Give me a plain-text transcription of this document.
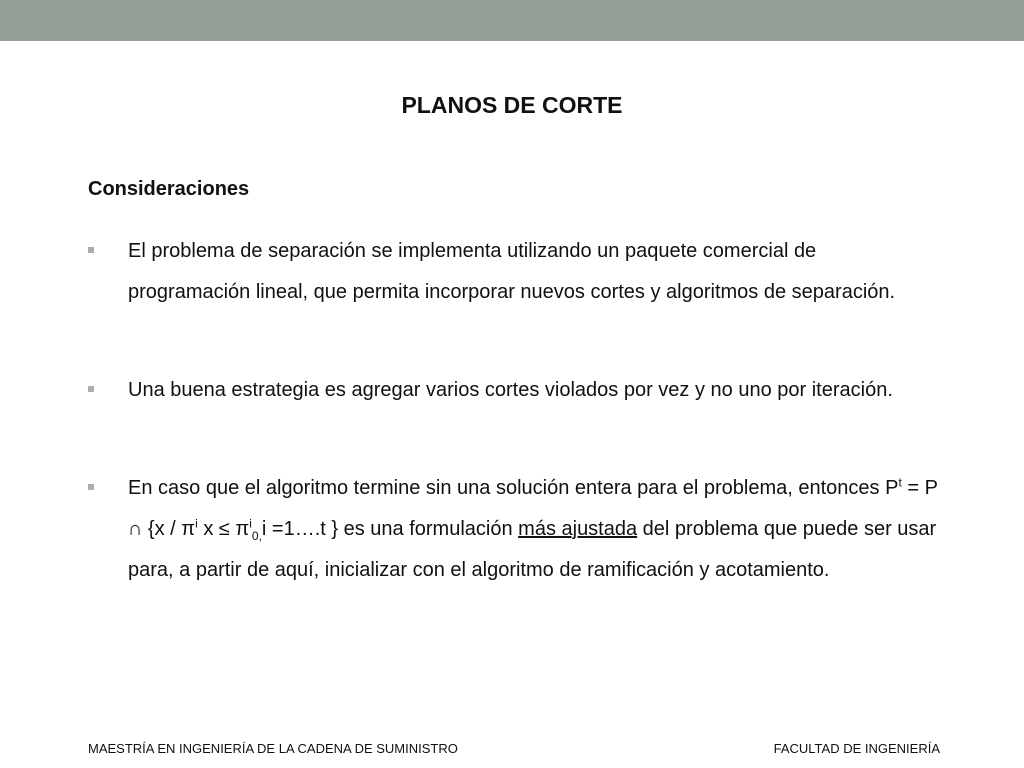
PLANOS DE CORTE
Consideraciones
El problema de separación se implementa utilizando un paquete comercial de programación lineal, que permita incorporar nuevos cortes y algoritmos de separación.
Una buena estrategia es agregar varios cortes violados por vez y no uno por iteración.
En caso que el algoritmo termine sin una solución entera para el problema, entonces $P^t = P$ ∩ {$x / \pi^i$ $x \le \pi^i_{0,}i$ =1….t } es una formulación más ajustada del problema que puede ser usar para, a partir de aquí, inicializar con el algoritmo de ramificación y acotamiento.
MAESTRÍA EN INGENIERÍA DE LA CADENA DE SUMINISTRO	FACULTAD DE INGENIERÍA
